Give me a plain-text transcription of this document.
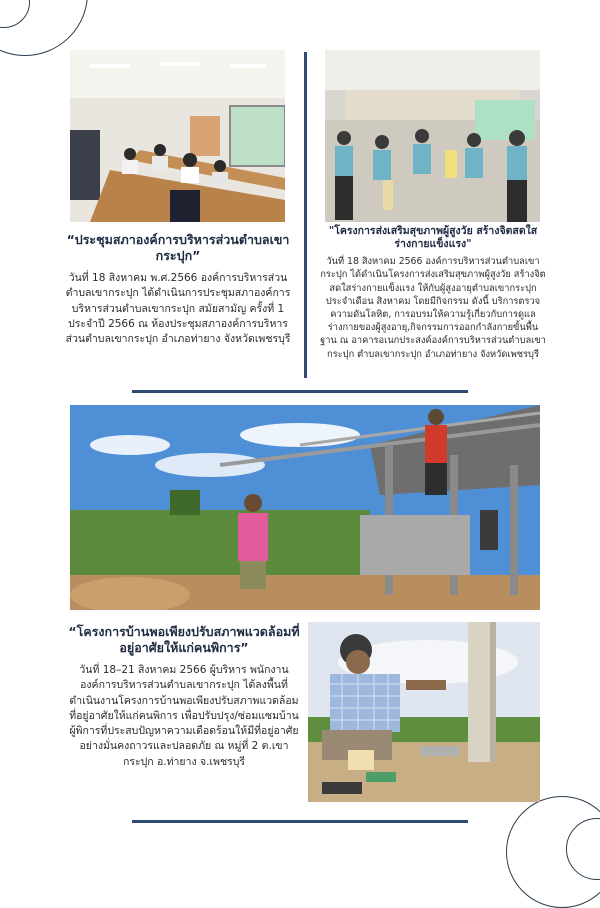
“ประชุมสภาองค์การบริหารส่วนตำบลเขากระปุก”
วันที่ 18 สิงหาคม พ.ศ.2566 องค์การบริหารส่วนตำบลเขากระปุก ได้ดำเนินการประชุมสภาองค์การบริหารส่วนตำบลเขากระปุก สมัยสามัญ ครั้งที่ 1 ประจำปี 2566 ณ ห้องประชุมสภาองค์การบริหารส่วนตำบลเขากระปุก อำเภอท่ายาง จังหวัดเพชรบุรี
"โครงการส่งเสริมสุขภาพผู้สูงวัย สร้างจิตสดใส ร่างกายแข็งแรง"
วันที่ 18 สิงหาคม 2566 องค์การบริหารส่วนตำบลเขากระปุก ได้ดำเนินโครงการส่งเสริมสุขภาพผู้สูงวัย สร้างจิตสดใสร่างกายแข็งแรง ให้กับผู้สูงอายุตำบลเขากระปุก ประจำเดือน สิงหาคม โดยมีกิจกรรม ดังนี้ บริการตรวจความดันโลหิต, การอบรมให้ความรู้เกี่ยวกับการดูแลร่างกายของผู้สูงอายุ,กิจกรรมการออกกำลังกายขั้นพื้นฐาน ณ อาคารอเนกประสงค์องค์การบริหารส่วนตำบลเขากระปุก ตำบลเขากระปุก อำเภอท่ายาง จังหวัดเพชรบุรี
“โครงการบ้านพอเพียงปรับสภาพแวดล้อมที่อยู่อาศัยให้แก่คนพิการ”
วันที่ 18–21 สิงหาคม 2566 ผู้บริหาร พนักงานองค์การบริหารส่วนตำบลเขากระปุก ได้ลงพื้นที่ดำเนินงานโครงการบ้านพอเพียงปรับสภาพแวดล้อมที่อยู่อาศัยให้แก่คนพิการ เพื่อปรับปรุง/ซ่อมแซมบ้านผู้พิการที่ประสบปัญหาความเดือดร้อนให้มีที่อยู่อาศัยอย่างมั่นคงถาวรและปลอดภัย ณ หมู่ที่ 2 ต.เขากระปุก อ.ท่ายาง จ.เพชรบุรี
